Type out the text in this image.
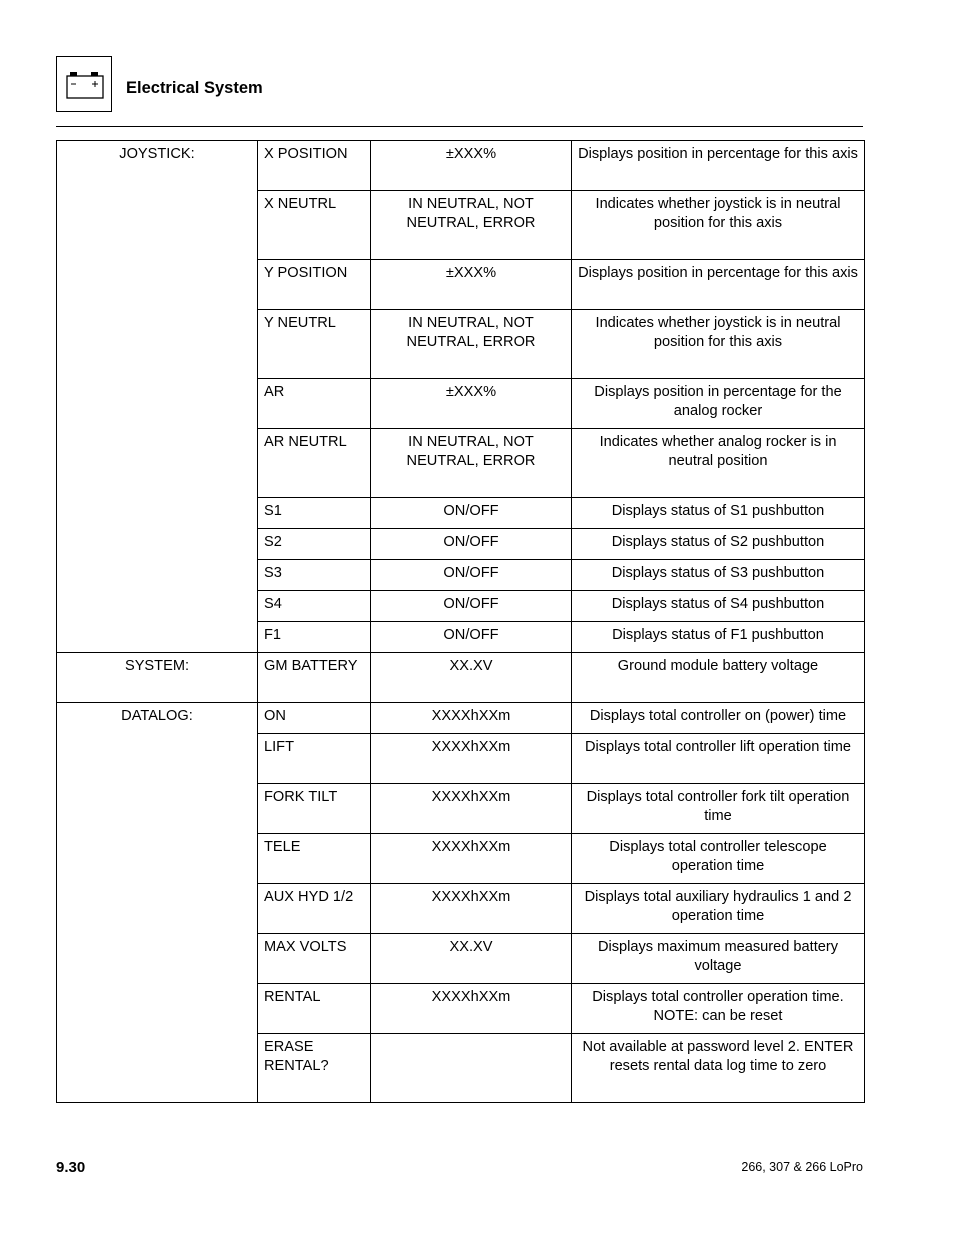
Electrical System
JOYSTICK:	X POSITION	±XXX%	Displays position in percentage for this axis
	X NEUTRL	IN NEUTRAL, NOT NEUTRAL, ERROR	Indicates whether joystick is in neutral position for this axis
	Y POSITION	±XXX%	Displays position in percentage for this axis
	Y NEUTRL	IN NEUTRAL, NOT NEUTRAL, ERROR	Indicates whether joystick is in neutral position for this axis
	AR	±XXX%	Displays position in percentage for the analog rocker
	AR NEUTRL	IN NEUTRAL, NOT NEUTRAL, ERROR	Indicates whether analog rocker is in neutral position
	S1	ON/OFF	Displays status of S1 pushbutton
	S2	ON/OFF	Displays status of S2 pushbutton
	S3	ON/OFF	Displays status of S3 pushbutton
	S4	ON/OFF	Displays status of S4 pushbutton
	F1	ON/OFF	Displays status of F1 pushbutton
SYSTEM:	GM BATTERY	XX.XV	Ground module battery voltage
DATALOG:	ON	XXXXhXXm	Displays total controller on (power) time
	LIFT	XXXXhXXm	Displays total controller lift operation time
	FORK TILT	XXXXhXXm	Displays total controller fork tilt operation time
	TELE	XXXXhXXm	Displays total controller telescope operation time
	AUX HYD 1/2	XXXXhXXm	Displays total auxiliary hydraulics 1 and 2 operation time
	MAX VOLTS	XX.XV	Displays maximum measured battery voltage
	RENTAL	XXXXhXXm	Displays total controller operation time. NOTE: can be reset
	ERASE RENTAL?		Not available at password level 2. ENTER resets rental data log time to zero
9.30	266, 307 & 266 LoPro
